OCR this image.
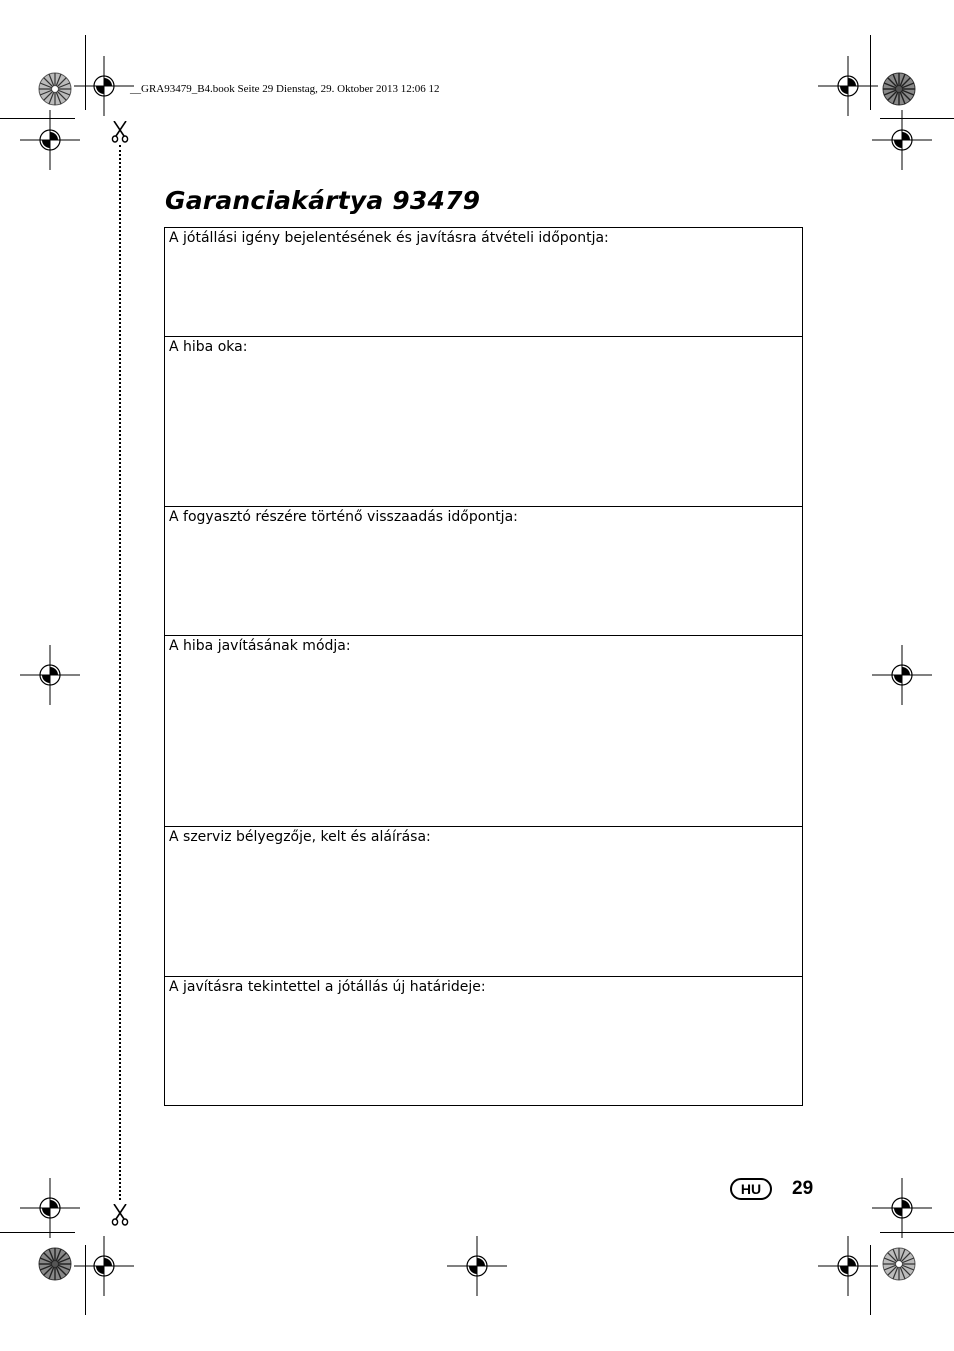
__GRA93479_B4.book Seite 29 Dienstag, 29. Oktober 2013 12:06 12
Garanciakártya 93479
A jótállási igény bejelentésének és javításra átvételi időpontja:

A hiba oka:

A fogyasztó részére történő visszaadás időpontja:

A hiba javításának módja:

A szerviz bélyegzője, kelt és aláírása:

A javításra tekintettel a jótállás új határideje:
HU	29
